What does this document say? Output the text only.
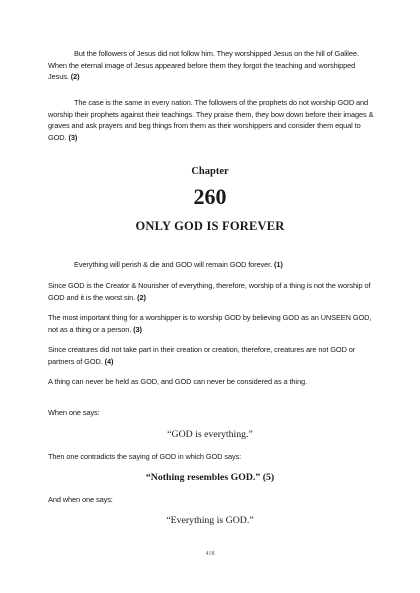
But the followers of Jesus did not follow him. They worshipped Jesus on the hill of Galilee. When the eternal image of Jesus appeared before them they forgot the teaching and worshipped Jesus. (2)

The case is the same in every nation. The followers of the prophets do not worship GOD and worship their prophets against their teachings. They praise them, they bow down before their images & graves and ask prayers and beg things from them as their worshippers and consider them equal to GOD. (3)

Chapter
260
ONLY GOD IS FOREVER

Everything will perish & die and GOD will remain GOD forever. (1)

Since GOD is the Creator & Nourisher of everything, therefore, worship of a thing is not the worship of GOD and it is the worst sin. (2)

The most important thing for a worshipper is to worship GOD by believing GOD as an UNSEEN GOD, not as a thing or a person. (3)

Since creatures did not take part in their creation or creation, therefore, creatures are not GOD or partners of GOD. (4)

A thing can never be held as GOD, and GOD can never be considered as a thing.

When one says:

“GOD is everything.”

Then one contradicts the saying of GOD in which GOD says:

“Nothing resembles GOD.” (5)

And when one says:

“Everything is GOD.”
418
